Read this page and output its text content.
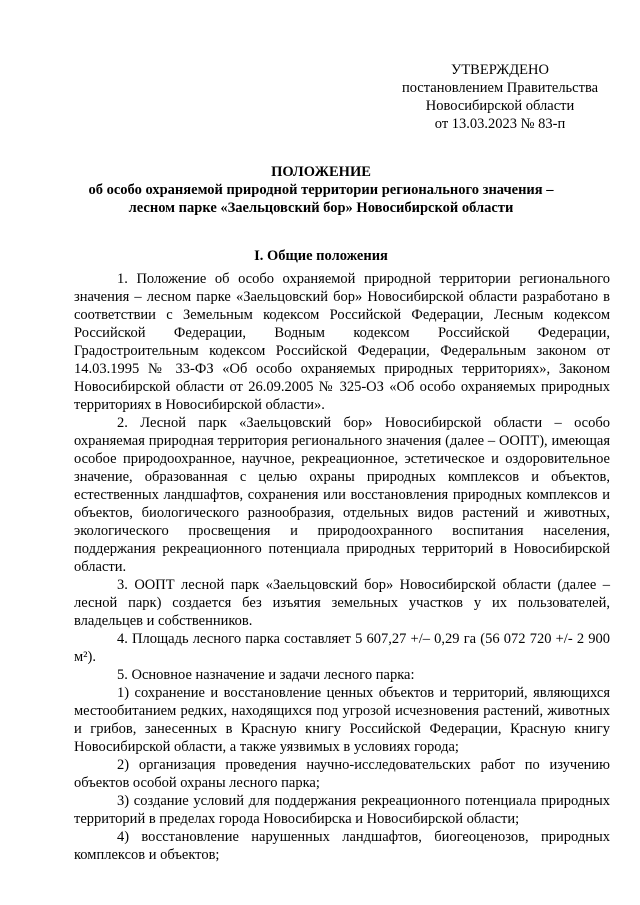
УТВЕРЖДЕНО
постановлением Правительства
Новосибирской области
от 13.03.2023 № 83-п
ПОЛОЖЕНИЕ
об особо охраняемой природной территории регионального значения –
лесном парке «Заельцовский бор» Новосибирской области
I. Общие положения

1. Положение об особо охраняемой природной территории регионального значения – лесном парке «Заельцовский бор» Новосибирской области разработано в соответствии с Земельным кодексом Российской Федерации, Лесным кодексом Российской Федерации, Водным кодексом Российской Федерации, Градостроительным кодексом Российской Федерации, Федеральным законом от 14.03.1995 № 33-ФЗ «Об особо охраняемых природных территориях», Законом Новосибирской области от 26.09.2005 № 325-ОЗ «Об особо охраняемых природных территориях в Новосибирской области».

2. Лесной парк «Заельцовский бор» Новосибирской области – особо охраняемая природная территория регионального значения (далее – ООПТ), имеющая особое природоохранное, научное, рекреационное, эстетическое и оздоровительное значение, образованная с целью охраны природных комплексов и объектов, естественных ландшафтов, сохранения или восстановления природных комплексов и объектов, биологического разнообразия, отдельных видов растений и животных, экологического просвещения и природоохранного воспитания населения, поддержания рекреационного потенциала природных территорий в Новосибирской области.

3. ООПТ лесной парк «Заельцовский бор» Новосибирской области (далее – лесной парк) создается без изъятия земельных участков у их пользователей, владельцев и собственников.

4. Площадь лесного парка составляет 5 607,27 +/– 0,29 га (56 072 720 +/- 2 900 м²).

5. Основное назначение и задачи лесного парка:

1) сохранение и восстановление ценных объектов и территорий, являющихся местообитанием редких, находящихся под угрозой исчезновения растений, животных и грибов, занесенных в Красную книгу Российской Федерации, Красную книгу Новосибирской области, а также уязвимых в условиях города;

2) организация проведения научно-исследовательских работ по изучению объектов особой охраны лесного парка;

3) создание условий для поддержания рекреационного потенциала природных территорий в пределах города Новосибирска и Новосибирской области;

4) восстановление нарушенных ландшафтов, биогеоценозов, природных комплексов и объектов;
